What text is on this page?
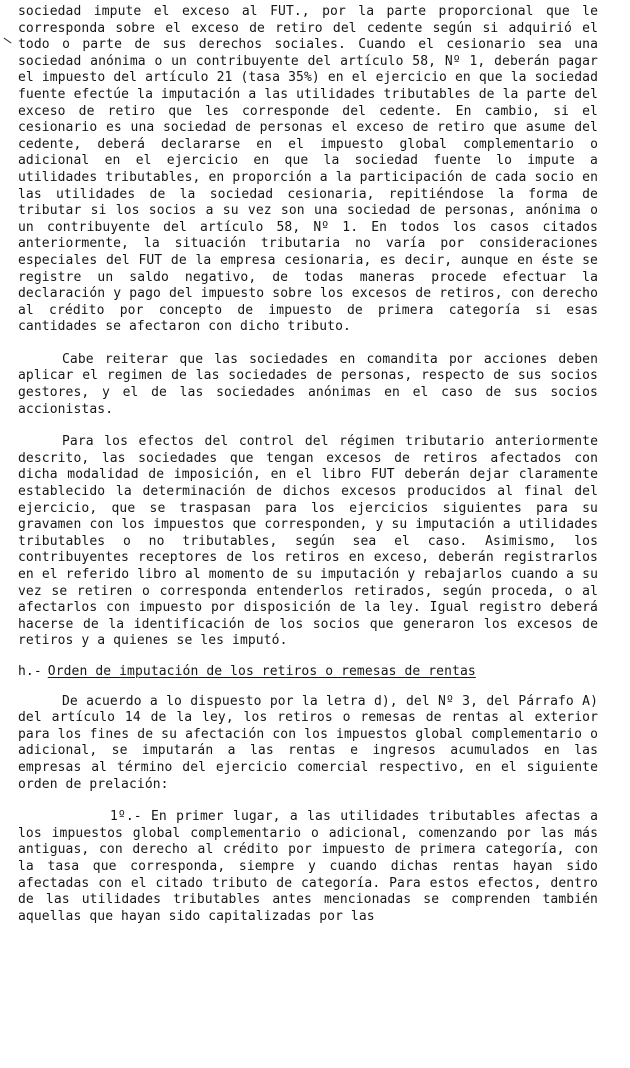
sociedad impute el exceso al FUT., por la parte proporcional que le corresponda sobre el exceso de retiro del cedente según si adquirió el todo o parte de sus derechos sociales. Cuando el cesionario sea una sociedad anónima o un contribuyente del artículo 58, Nº 1, deberán pagar el impuesto del artículo 21 (tasa 35%) en el ejercicio en que la sociedad fuente efectúe la imputación a las utilidades tributables de la parte del exceso de retiro que les corresponde del cedente. En cambio, si el cesionario es una sociedad de personas el exceso de retiro que asume del cedente, deberá declararse en el impuesto global complementario o adicional en el ejercicio en que la sociedad fuente lo impute a utilidades tributables, en proporción a la participación de cada socio en las utilidades de la sociedad cesionaria, repitiéndose la forma de tributar si los socios a su vez son una sociedad de personas, anónima o un contribuyente del artículo 58, Nº 1. En todos los casos citados anteriormente, la situación tributaria no varía por consideraciones especiales del FUT de la empresa cesionaria, es decir, aunque en éste se registre un saldo negativo, de todas maneras procede efectuar la declaración y pago del impuesto sobre los excesos de retiros, con derecho al crédito por concepto de impuesto de primera categoría si esas cantidades se afectaron con dicho tributo.

Cabe reiterar que las sociedades en comandita por acciones deben aplicar el regimen de las sociedades de personas, respecto de sus socios gestores, y el de las sociedades anónimas en el caso de sus socios accionistas.

Para los efectos del control del régimen tributario anteriormente descrito, las sociedades que tengan excesos de retiros afectados con dicha modalidad de imposición, en el libro FUT deberán dejar claramente establecido la determinación de dichos excesos producidos al final del ejercicio, que se traspasan para los ejercicios siguientes para su gravamen con los impuestos que corresponden, y su imputación a utilidades tributables o no tributables, según sea el caso. Asimismo, los contribuyentes receptores de los retiros en exceso, deberán registrarlos en el referido libro al momento de su imputación y rebajarlos cuando a su vez se retiren o corresponda entenderlos retirados, según proceda, o al afectarlos con impuesto por disposición de la ley. Igual registro deberá hacerse de la identificación de los socios que generaron los excesos de retiros y a quienes se les imputó.

h.- Orden de imputación de los retiros o remesas de rentas

De acuerdo a lo dispuesto por la letra d), del Nº 3, del Párrafo A) del artículo 14 de la ley, los retiros o remesas de rentas al exterior para los fines de su afectación con los impuestos global complementario o adicional, se imputarán a las rentas e ingresos acumulados en las empresas al término del ejercicio comercial respectivo, en el siguiente orden de prelación:

1º.- En primer lugar, a las utilidades tributables afectas a los impuestos global complementario o adicional, comenzando por las más antiguas, con derecho al crédito por impuesto de primera categoría, con la tasa que corresponda, siempre y cuando dichas rentas hayan sido afectadas con el citado tributo de categoría. Para estos efectos, dentro de las utilidades tributables antes mencionadas se comprenden también aquellas que hayan sido capitalizadas por las
